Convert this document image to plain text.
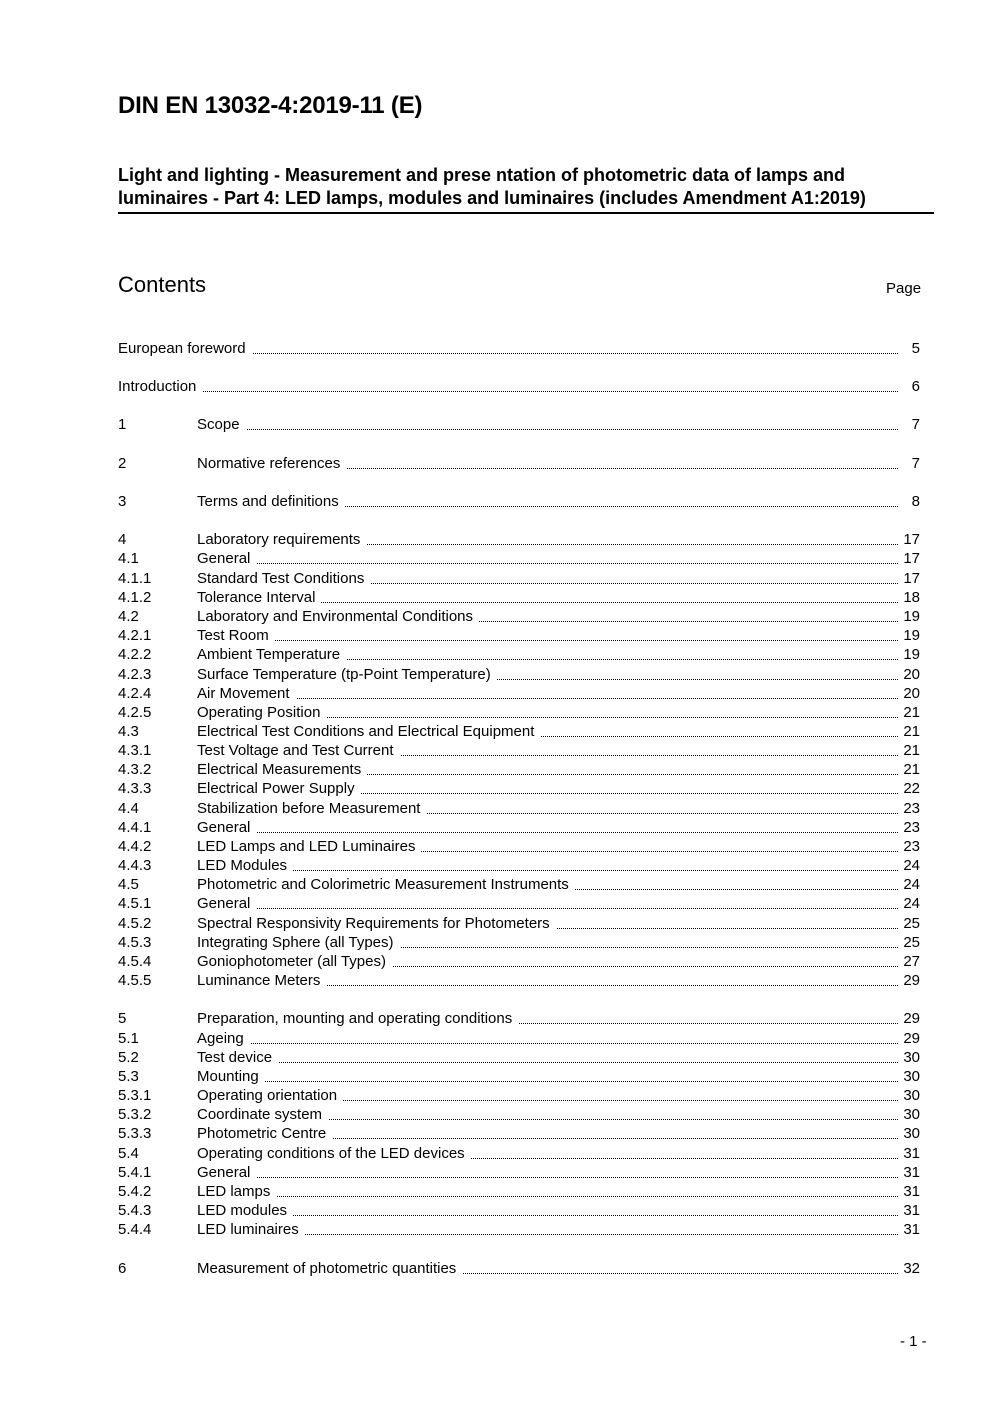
DIN EN 13032-4:2019-11 (E)
Light and lighting - Measurement and prese ntation of photometric data of lamps and luminaires - Part 4: LED lamps, modules and luminaires (includes Amendment A1:2019)
Contents	Page
European foreword	5
Introduction	6
1	Scope	7
2	Normative references	7
3	Terms and definitions	8
4	Laboratory requirements	17
4.1	General	17
4.1.1	Standard Test Conditions	17
4.1.2	Tolerance Interval	18
4.2	Laboratory and Environmental Conditions	19
4.2.1	Test Room	19
4.2.2	Ambient Temperature	19
4.2.3	Surface Temperature (tp-Point Temperature)	20
4.2.4	Air Movement	20
4.2.5	Operating Position	21
4.3	Electrical Test Conditions and Electrical Equipment	21
4.3.1	Test Voltage and Test Current	21
4.3.2	Electrical Measurements	21
4.3.3	Electrical Power Supply	22
4.4	Stabilization before Measurement	23
4.4.1	General	23
4.4.2	LED Lamps and LED Luminaires	23
4.4.3	LED Modules	24
4.5	Photometric and Colorimetric Measurement Instruments	24
4.5.1	General	24
4.5.2	Spectral Responsivity Requirements for Photometers	25
4.5.3	Integrating Sphere (all Types)	25
4.5.4	Goniophotometer (all Types)	27
4.5.5	Luminance Meters	29
5	Preparation, mounting and operating conditions	29
5.1	Ageing	29
5.2	Test device	30
5.3	Mounting	30
5.3.1	Operating orientation	30
5.3.2	Coordinate system	30
5.3.3	Photometric Centre	30
5.4	Operating conditions of the LED devices	31
5.4.1	General	31
5.4.2	LED lamps	31
5.4.3	LED modules	31
5.4.4	LED luminaires	31
6	Measurement of photometric quantities	32
- 1 -
